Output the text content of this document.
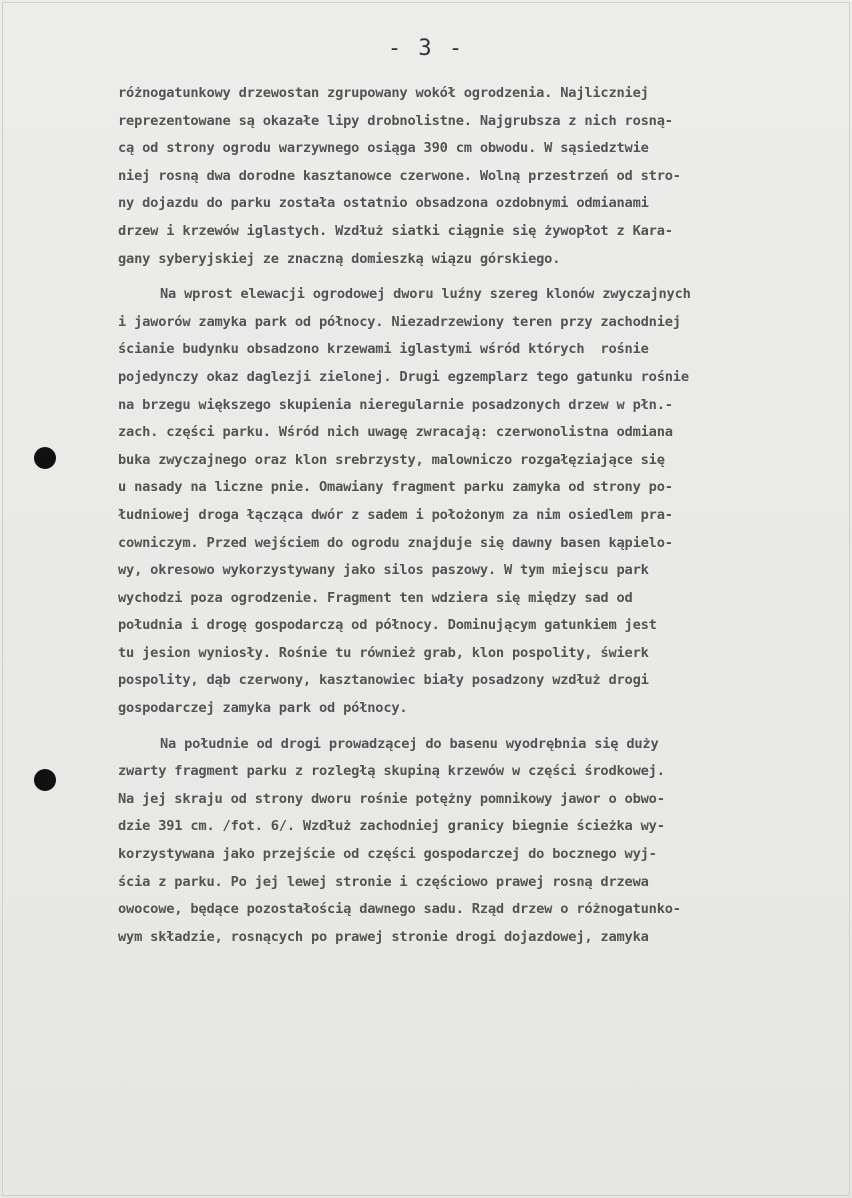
- 3 -
różnogatunkowy drzewostan zgrupowany wokół ogrodzenia. Najliczniej
reprezentowane są okazałe lipy drobnolistne. Najgrubsza z nich rosną-
cą od strony ogrodu warzywnego osiąga 390 cm obwodu. W sąsiedztwie
niej rosną dwa dorodne kasztanowce czerwone. Wolną przestrzeń od stro-
ny dojazdu do parku została ostatnio obsadzona ozdobnymi odmianami
drzew i krzewów iglastych. Wzdłuż siatki ciągnie się żywopłot z Kara-
gany syberyjskiej ze znaczną domieszką wiązu górskiego.
Na wprost elewacji ogrodowej dworu luźny szereg klonów zwyczajnych
i jaworów zamyka park od północy. Niezadrzewiony teren przy zachodniej
ścianie budynku obsadzono krzewami iglastymi wśród których  rośnie
pojedynczy okaz daglezji zielonej. Drugi egzemplarz tego gatunku rośnie
na brzegu większego skupienia nieregularnie posadzonych drzew w płn.-
zach. części parku. Wśród nich uwagę zwracają: czerwonolistna odmiana
buka zwyczajnego oraz klon srebrzysty, malowniczo rozgałęziające się
u nasady na liczne pnie. Omawiany fragment parku zamyka od strony po-
łudniowej droga łącząca dwór z sadem i położonym za nim osiedlem pra-
cowniczym. Przed wejściem do ogrodu znajduje się dawny basen kąpielo-
wy, okresowo wykorzystywany jako silos paszowy. W tym miejscu park
wychodzi poza ogrodzenie. Fragment ten wdziera się między sad od
południa i drogę gospodarczą od północy. Dominującym gatunkiem jest
tu jesion wyniosły. Rośnie tu również grab, klon pospolity, świerk
pospolity, dąb czerwony, kasztanowiec biały posadzony wzdłuż drogi
gospodarczej zamyka park od północy.
Na południe od drogi prowadzącej do basenu wyodrębnia się duży
zwarty fragment parku z rozległą skupiną krzewów w części środkowej.
Na jej skraju od strony dworu rośnie potężny pomnikowy jawor o obwo-
dzie 391 cm. /fot. 6/. Wzdłuż zachodniej granicy biegnie ścieżka wy-
korzystywana jako przejście od części gospodarczej do bocznego wyj-
ścia z parku. Po jej lewej stronie i częściowo prawej rosną drzewa
owocowe, będące pozostałością dawnego sadu. Rząd drzew o różnogatunko-
wym składzie, rosnących po prawej stronie drogi dojazdowej, zamyka
